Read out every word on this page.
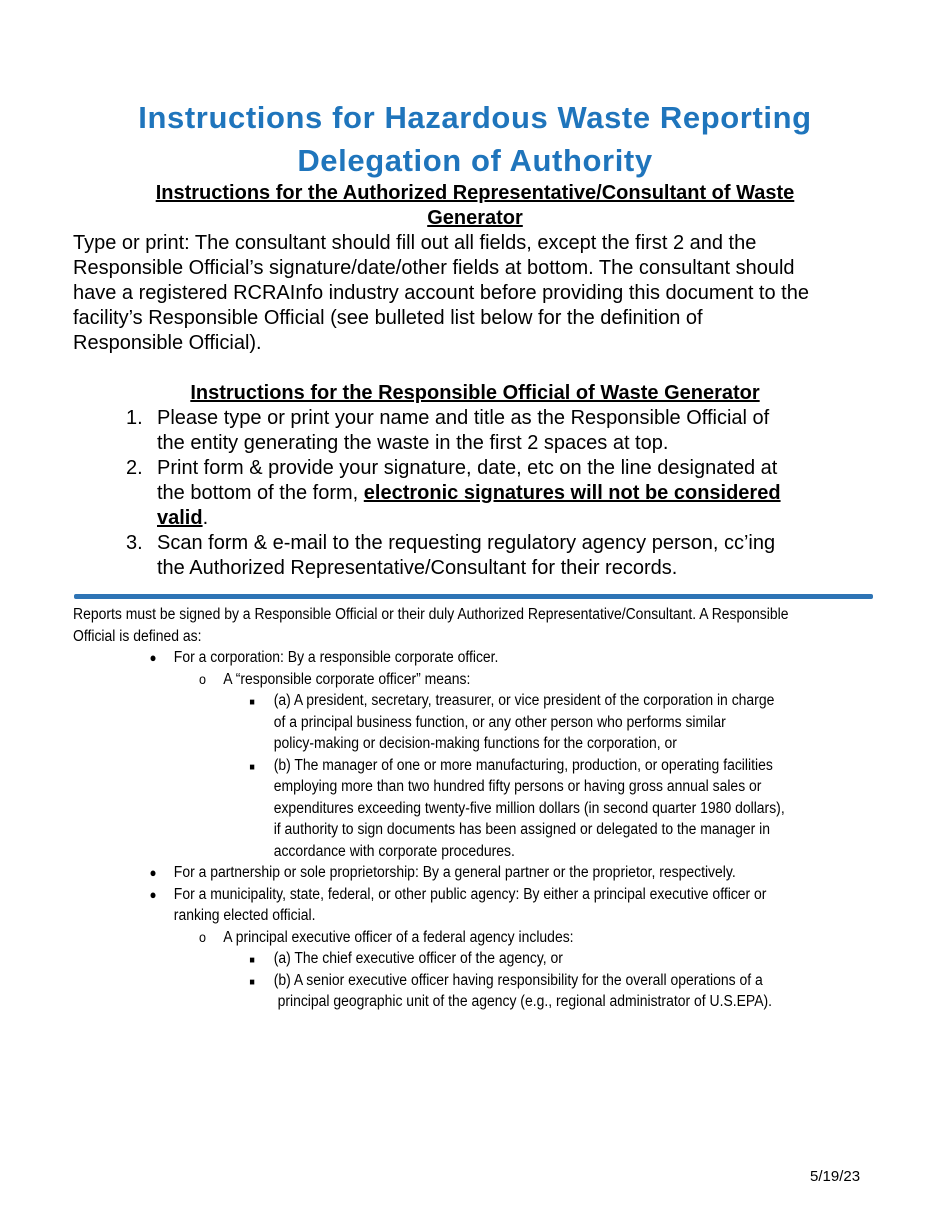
Instructions for Hazardous Waste Reporting
Delegation of Authority
Instructions for the Authorized Representative/Consultant of Waste
Generator
Type or print: The consultant should fill out all fields, except the first 2 and the
Responsible Official’s signature/date/other fields at bottom. The consultant should
have a registered RCRAInfo industry account before providing this document to the
facility’s Responsible Official (see bulleted list below for the definition of
Responsible Official).
Instructions for the Responsible Official of Waste Generator
1. Please type or print your name and title as the Responsible Official of
the entity generating the waste in the first 2 spaces at top.
2. Print form & provide your signature, date, etc on the line designated at
the bottom of the form, electronic signatures will not be considered
valid.
3. Scan form & e-mail to the requesting regulatory agency person, cc’ing
the Authorized Representative/Consultant for their records.
Reports must be signed by a Responsible Official or their duly Authorized Representative/Consultant. A Responsible
Official is defined as:
● For a corporation: By a responsible corporate officer.
o A “responsible corporate officer” means:
■ (a) A president, secretary, treasurer, or vice president of the corporation in charge
of a principal business function, or any other person who performs similar
policy-making or decision-making functions for the corporation, or
■ (b) The manager of one or more manufacturing, production, or operating facilities
employing more than two hundred fifty persons or having gross annual sales or
expenditures exceeding twenty-five million dollars (in second quarter 1980 dollars),
if authority to sign documents has been assigned or delegated to the manager in
accordance with corporate procedures.
● For a partnership or sole proprietorship: By a general partner or the proprietor, respectively.
● For a municipality, state, federal, or other public agency: By either a principal executive officer or
ranking elected official.
o A principal executive officer of a federal agency includes:
■ (a) The chief executive officer of the agency, or
■ (b) A senior executive officer having responsibility for the overall operations of a
principal geographic unit of the agency (e.g., regional administrator of U.S.EPA).
5/19/23
